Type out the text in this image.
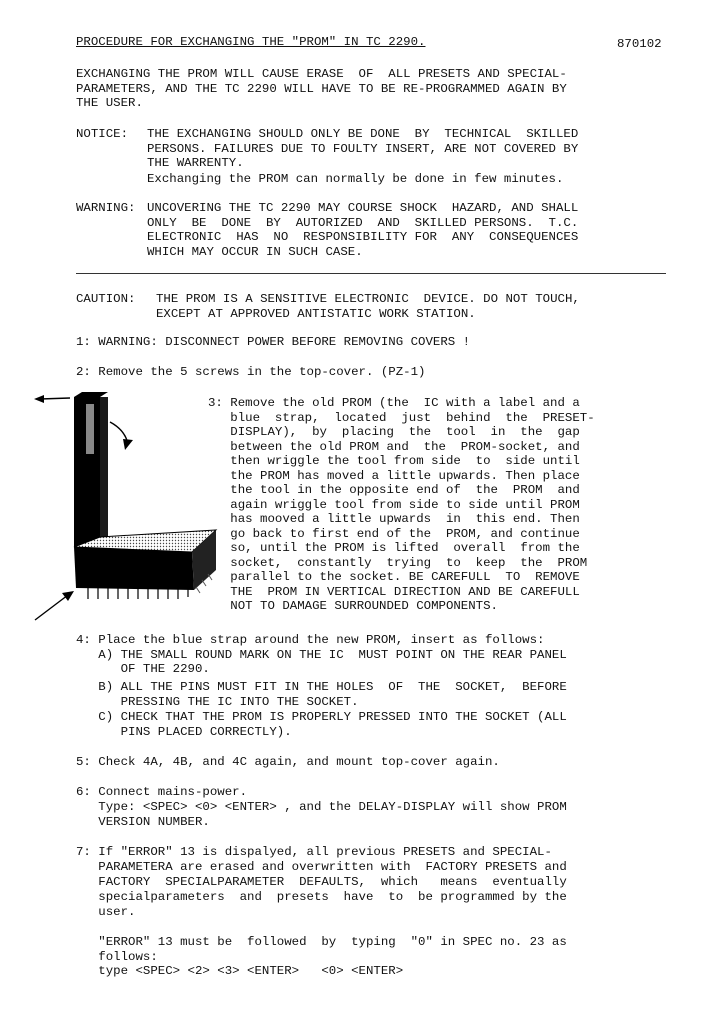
PROCEDURE FOR EXCHANGING THE "PROM" IN TC 2290.	870102
EXCHANGING THE PROM WILL CAUSE ERASE  OF  ALL PRESETS AND SPECIAL-
PARAMETERS, AND THE TC 2290 WILL HAVE TO BE RE-PROGRAMMED AGAIN BY
THE USER.
NOTICE: THE EXCHANGING SHOULD ONLY BE DONE  BY  TECHNICAL  SKILLED
PERSONS. FAILURES DUE TO FOULTY INSERT, ARE NOT COVERED BY
THE WARRENTY.
Exchanging the PROM can normally be done in few minutes.
WARNING: UNCOVERING THE TC 2290 MAY COURSE SHOCK  HAZARD, AND SHALL
ONLY  BE  DONE  BY  AUTORIZED  AND  SKILLED PERSONS.  T.C.
ELECTRONIC  HAS  NO  RESPONSIBILITY FOR  ANY  CONSEQUENCES
WHICH MAY OCCUR IN SUCH CASE.
CAUTION: THE PROM IS A SENSITIVE ELECTRONIC  DEVICE. DO NOT TOUCH,
EXCEPT AT APPROVED ANTISTATIC WORK STATION.
1: WARNING: DISCONNECT POWER BEFORE REMOVING COVERS !
2: Remove the 5 screws in the top-cover. (PZ-1)
3: Remove the old PROM (the  IC with a label and a
blue  strap,  located  just  behind  the  PRESET-
DISPLAY),  by  placing  the  tool  in  the  gap
between the old PROM and  the  PROM-socket, and
then wriggle the tool from side  to  side until
the PROM has moved a little upwards. Then place
the tool in the opposite end of  the  PROM  and
again wriggle tool from side to side until PROM
has mooved a little upwards  in  this end. Then
go back to first end of the  PROM, and continue
so, until the PROM is lifted  overall  from the
socket,  constantly  trying  to  keep  the  PROM
parallel to the socket. BE CAREFULL  TO  REMOVE
THE  PROM IN VERTICAL DIRECTION AND BE CAREFULL
NOT TO DAMAGE SURROUNDED COMPONENTS.
4: Place the blue strap around the new PROM, insert as follows:
A) THE SMALL ROUND MARK ON THE IC  MUST POINT ON THE REAR PANEL
OF THE 2290.
B) ALL THE PINS MUST FIT IN THE HOLES  OF  THE  SOCKET,  BEFORE
PRESSING THE IC INTO THE SOCKET.
C) CHECK THAT THE PROM IS PROPERLY PRESSED INTO THE SOCKET (ALL
PINS PLACED CORRECTLY).
5: Check 4A, 4B, and 4C again, and mount top-cover again.
6: Connect mains-power.
Type: <SPEC> <0> <ENTER> , and the DELAY-DISPLAY will show PROM
VERSION NUMBER.
7: If "ERROR" 13 is dispalyed, all previous PRESETS and SPECIAL-
PARAMETERA are erased and overwritten with  FACTORY PRESETS and
FACTORY  SPECIALPARAMETER  DEFAULTS,  which   means  eventually
specialparameters  and  presets  have  to  be programmed by the
user.
"ERROR" 13 must be  followed  by  typing  "0" in SPEC no. 23 as
follows:
type <SPEC> <2> <3> <ENTER>   <0> <ENTER>
